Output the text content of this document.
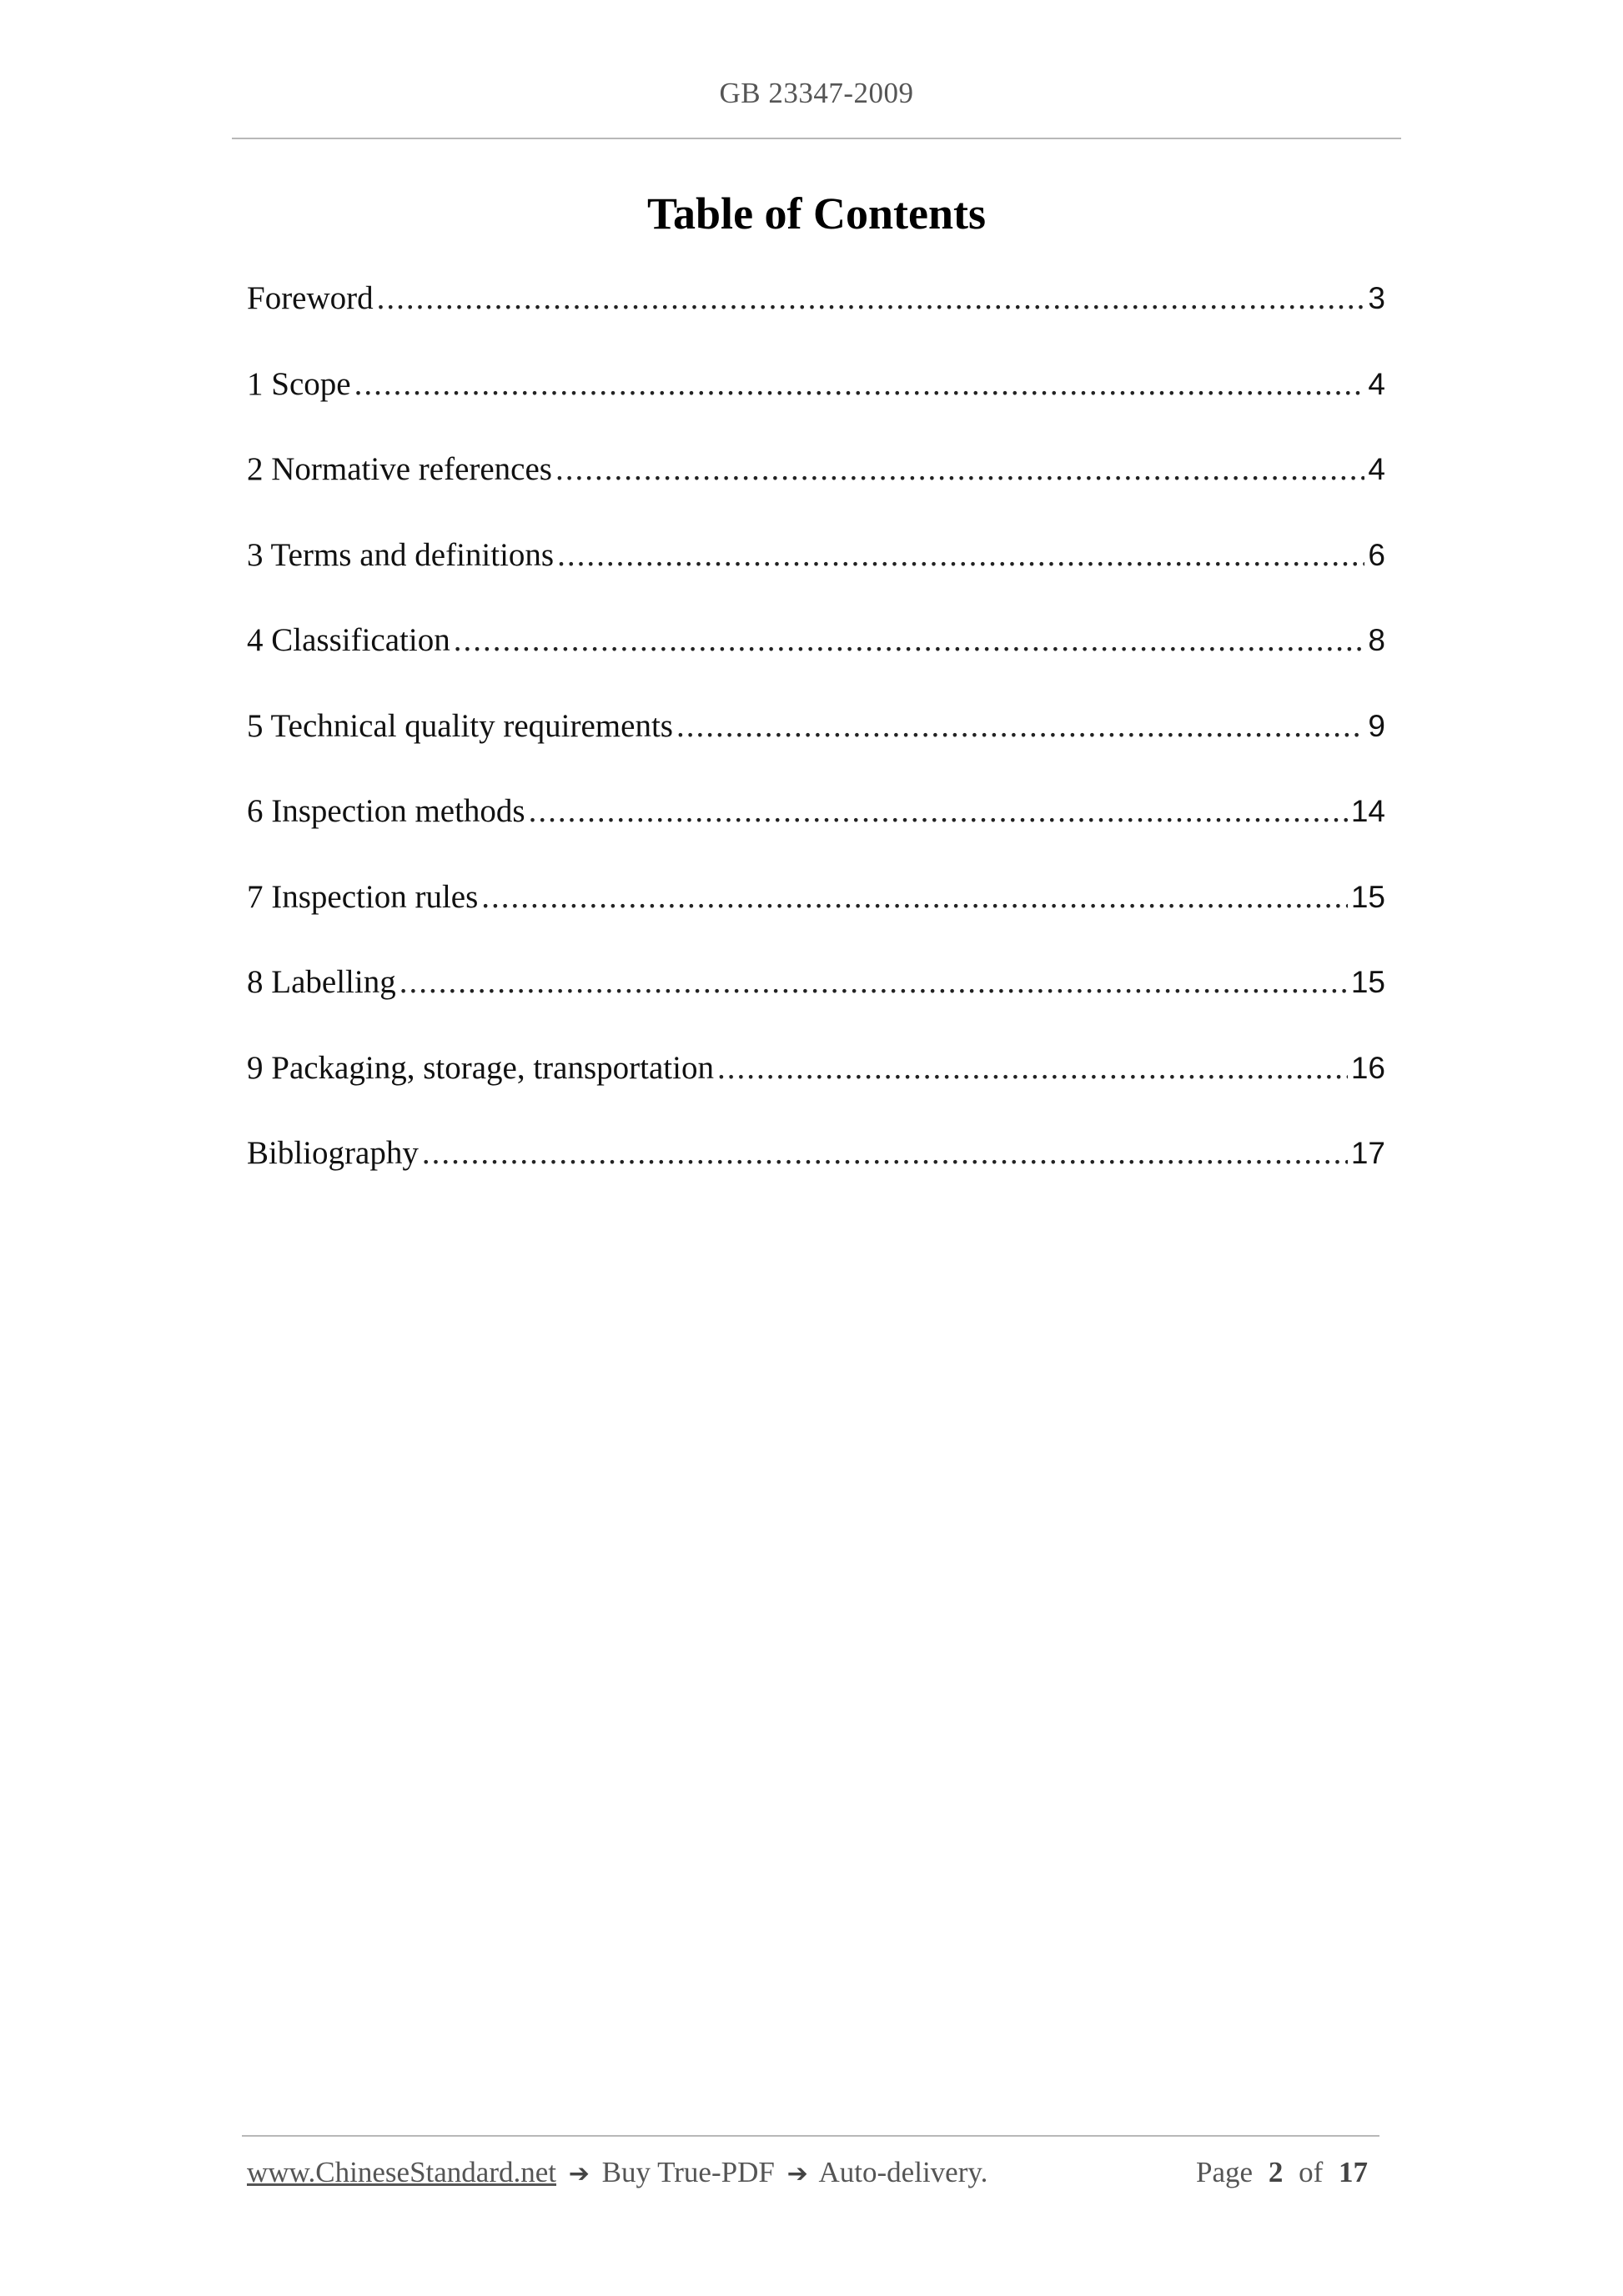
GB 23347-2009
Table of Contents
Foreword .....	3
1 Scope .....	4
2 Normative references .....	4
3 Terms and definitions .....	6
4 Classification .....	8
5 Technical quality requirements .....	9
6 Inspection methods .....	14
7 Inspection rules .....	15
8 Labelling .....	15
9 Packaging, storage, transportation .....	16
Bibliography .....	17
www.ChineseStandard.net ➔ Buy True-PDF ➔ Auto-delivery.	Page 2 of 17
